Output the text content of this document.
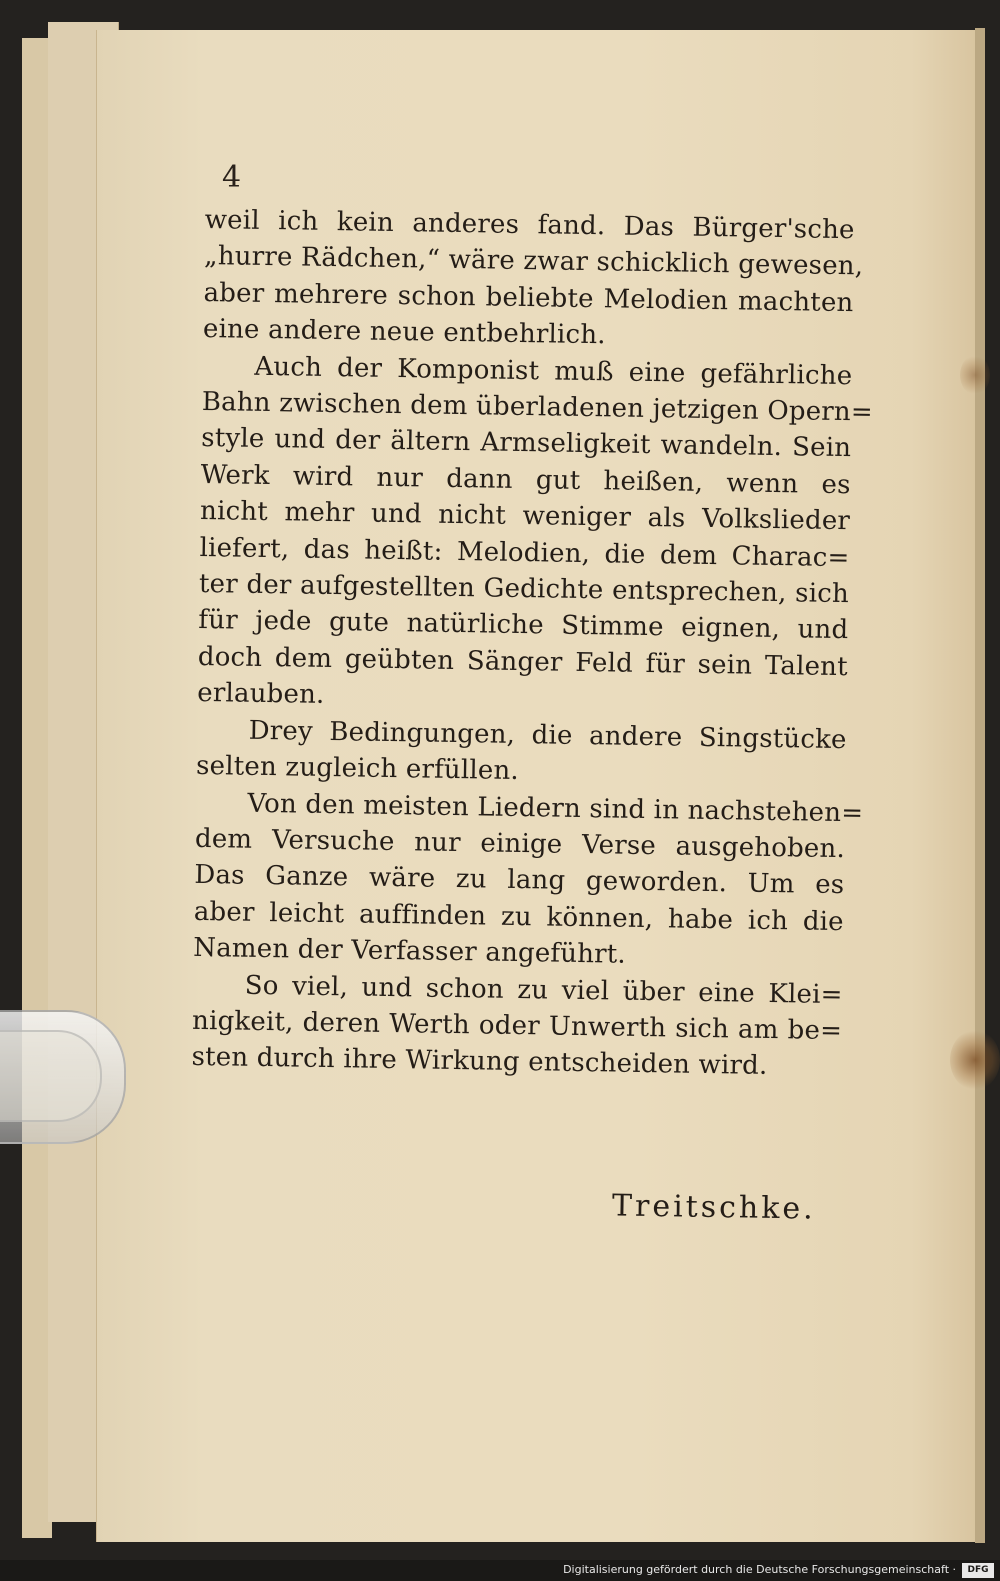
4

weil ich kein anderes fand. Das Bürger'sche
„hurre Rädchen,“ wäre zwar schicklich gewesen,
aber mehrere schon beliebte Melodien machten
eine andere neue entbehrlich.

Auch der Komponist muß eine gefährliche
Bahn zwischen dem überladenen jetzigen Opern=
style und der ältern Armseligkeit wandeln. Sein
Werk wird nur dann gut heißen, wenn es
nicht mehr und nicht weniger als Volkslieder
liefert, das heißt: Melodien, die dem Charac=
ter der aufgestellten Gedichte entsprechen, sich
für jede gute natürliche Stimme eignen, und
doch dem geübten Sänger Feld für sein Talent
erlauben.

Drey Bedingungen, die andere Singstücke
selten zugleich erfüllen.

Von den meisten Liedern sind in nachstehen=
dem Versuche nur einige Verse ausgehoben.
Das Ganze wäre zu lang geworden. Um es
aber leicht auffinden zu können, habe ich die
Namen der Verfasser angeführt.

So viel, und schon zu viel über eine Klei=
nigkeit, deren Werth oder Unwerth sich am be=
sten durch ihre Wirkung entscheiden wird.

Treitschke.
Digitalisierung gefördert durch die Deutsche Forschungsgemeinschaft ·	DFG
